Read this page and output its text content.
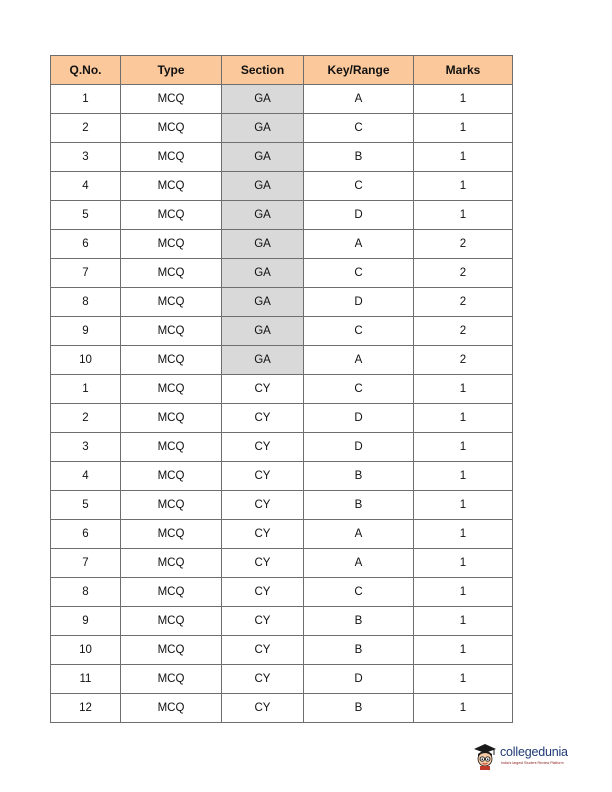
Q.No.	Type	Section	Key/Range	Marks
1	MCQ	GA	A	1
2	MCQ	GA	C	1
3	MCQ	GA	B	1
4	MCQ	GA	C	1
5	MCQ	GA	D	1
6	MCQ	GA	A	2
7	MCQ	GA	C	2
8	MCQ	GA	D	2
9	MCQ	GA	C	2
10	MCQ	GA	A	2
1	MCQ	CY	C	1
2	MCQ	CY	D	1
3	MCQ	CY	D	1
4	MCQ	CY	B	1
5	MCQ	CY	B	1
6	MCQ	CY	A	1
7	MCQ	CY	A	1
8	MCQ	CY	C	1
9	MCQ	CY	B	1
10	MCQ	CY	B	1
11	MCQ	CY	D	1
12	MCQ	CY	B	1
collegedunia
India's largest Student Review Platform
